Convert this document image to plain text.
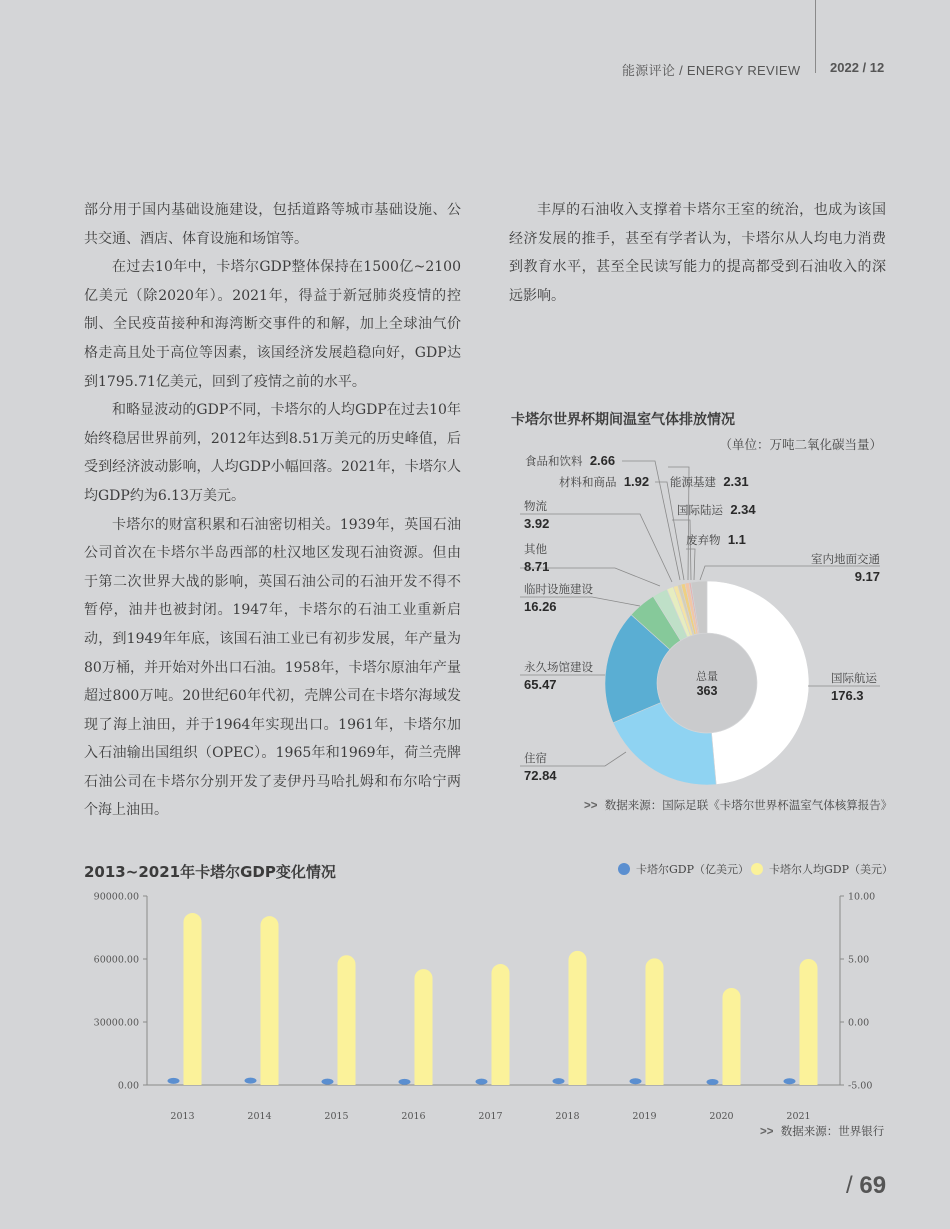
能源评论 / ENERGY REVIEW 2022 / 12

部分用于国内基础设施建设，包括道路等城市基础设施、公共交通、酒店、体育设施和场馆等。

在过去10年中，卡塔尔GDP整体保持在1500亿~2100亿美元（除2020年）。2021年，得益于新冠肺炎疫情的控制、全民疫苗接种和海湾断交事件的和解，加上全球油气价格走高且处于高位等因素，该国经济发展趋稳向好，GDP达到1795.71亿美元，回到了疫情之前的水平。

和略显波动的GDP不同，卡塔尔的人均GDP在过去10年始终稳居世界前列，2012年达到8.51万美元的历史峰值，后受到经济波动影响，人均GDP小幅回落。2021年，卡塔尔人均GDP约为6.13万美元。

卡塔尔的财富积累和石油密切相关。1939年，英国石油公司首次在卡塔尔半岛西部的杜汉地区发现石油资源。但由于第二次世界大战的影响，英国石油公司的石油开发不得不暂停，油井也被封闭。1947年，卡塔尔的石油工业重新启动，到1949年年底，该国石油工业已有初步发展，年产量为80万桶，并开始对外出口石油。1958年，卡塔尔原油年产量超过800万吨。20世纪60年代初，壳牌公司在卡塔尔海域发现了海上油田，并于1964年实现出口。1961年，卡塔尔加入石油输出国组织（OPEC）。1965年和1969年，荷兰壳牌石油公司在卡塔尔分别开发了麦伊丹马哈扎姆和布尔哈宁两个海上油田。

丰厚的石油收入支撑着卡塔尔王室的统治，也成为该国经济发展的推手，甚至有学者认为，卡塔尔从人均电力消费到教育水平，甚至全民读写能力的提高都受到石油收入的深远影响。

卡塔尔世界杯期间温室气体排放情况
（单位：万吨二氧化碳当量）
总量
363
食品和饮料 2.66
材料和商品 1.92 能源基建 2.31
物流
3.92
国际陆运 2.34
废弃物 1.1
其他
8.71	室内地面交通
9.17
临时设施建设
16.26
永久场馆建设
65.47	国际航运
176.3
住宿
72.84
>> 数据来源：国际足联《卡塔尔世界杯温室气体核算报告》
2013~2021年卡塔尔GDP变化情况	卡塔尔GDP（亿美元） 卡塔尔人均GDP（美元）
0.00
30000.00
60000.00
90000.00
-5.00
0.00
5.00
10.00
2013	2014	2015	2016	2017	2018	2019	2020	2021
>> 数据来源：世界银行
/ 69
